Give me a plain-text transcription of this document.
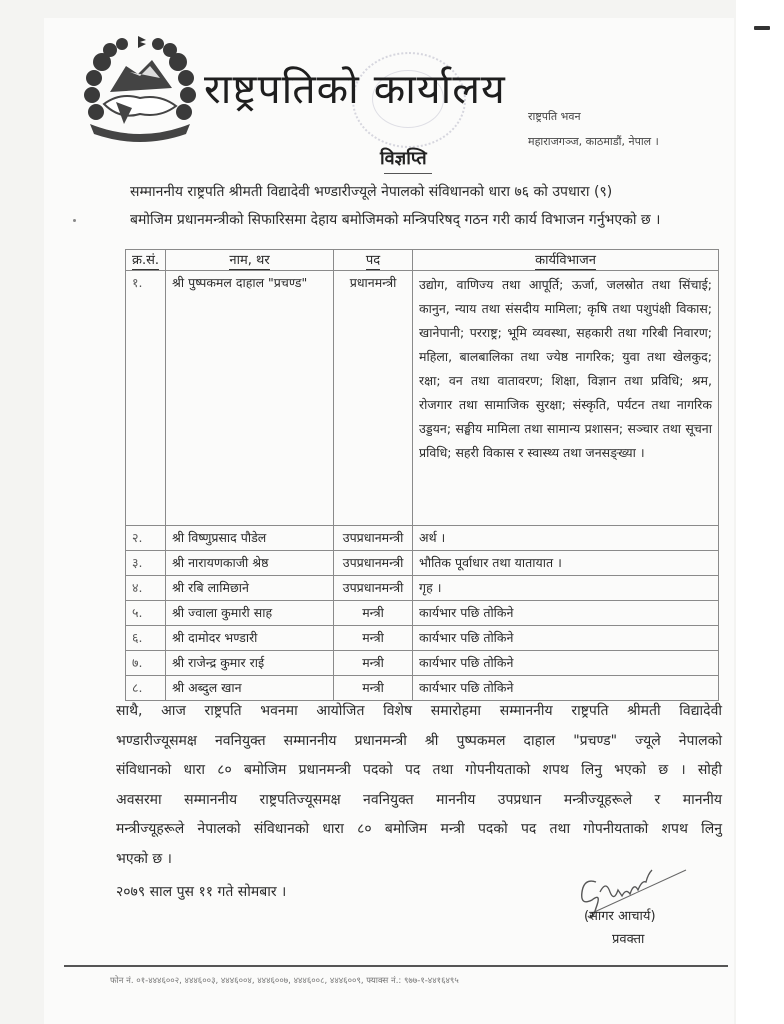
राष्ट्रपतिको कार्यालय
राष्ट्रपति भवन
महाराजगञ्ज, काठमाडौं, नेपाल ।
विज्ञप्ति
सम्माननीय राष्ट्रपति श्रीमती विद्यादेवी भण्डारीज्यूले नेपालको संविधानको धारा ७६ को उपधारा (९)
बमोजिम प्रधानमन्त्रीको सिफारिसमा देहाय बमोजिमको मन्त्रिपरिषद् गठन गरी कार्य विभाजन गर्नुभएको छ ।
क्र.सं.	नाम, थर	पद	कार्यविभाजन
१.	श्री पुष्पकमल दाहाल "प्रचण्ड"	प्रधानमन्त्री	उद्योग, वाणिज्य तथा आपूर्ति; ऊर्जा, जलस्रोत तथा सिंचाई; कानुन, न्याय तथा संसदीय मामिला; कृषि तथा पशुपंक्षी विकास; खानेपानी; परराष्ट्र; भूमि व्यवस्था, सहकारी तथा गरिबी निवारण; महिला, बालबालिका तथा ज्येष्ठ नागरिक; युवा तथा खेलकुद; रक्षा; वन तथा वातावरण; शिक्षा, विज्ञान तथा प्रविधि; श्रम, रोजगार तथा सामाजिक सुरक्षा; संस्कृति, पर्यटन तथा नागरिक उड्डयन; सङ्घीय मामिला तथा सामान्य प्रशासन; सञ्चार तथा सूचना प्रविधि; सहरी विकास र स्वास्थ्य तथा जनसङ्ख्या ।
२.	श्री विष्णुप्रसाद पौडेल	उपप्रधानमन्त्री	अर्थ ।
३.	श्री नारायणकाजी श्रेष्ठ	उपप्रधानमन्त्री	भौतिक पूर्वाधार तथा यातायात ।
४.	श्री रबि लामिछाने	उपप्रधानमन्त्री	गृह ।
५.	श्री ज्वाला कुमारी साह	मन्त्री	कार्यभार पछि तोकिने
६.	श्री दामोदर भण्डारी	मन्त्री	कार्यभार पछि तोकिने
७.	श्री राजेन्द्र कुमार राई	मन्त्री	कार्यभार पछि तोकिने
८.	श्री अब्दुल खान	मन्त्री	कार्यभार पछि तोकिने
साथै, आज राष्ट्रपति भवनमा आयोजित विशेष समारोहमा सम्माननीय राष्ट्रपति श्रीमती विद्यादेवी
भण्डारीज्यूसमक्ष नवनियुक्त सम्माननीय प्रधानमन्त्री श्री पुष्पकमल दाहाल "प्रचण्ड" ज्यूले नेपालको
संविधानको धारा ८० बमोजिम प्रधानमन्त्री पदको पद तथा गोपनीयताको शपथ लिनु भएको छ । सोही
अवसरमा सम्माननीय राष्ट्रपतिज्यूसमक्ष नवनियुक्त माननीय उपप्रधान मन्त्रीज्यूहरूले र माननीय
मन्त्रीज्यूहरूले नेपालको संविधानको धारा ८० बमोजिम मन्त्री पदको पद तथा गोपनीयताको शपथ लिनु
भएको छ ।
२०७९ साल पुस ११ गते सोमबार ।
(सागर आचार्य)
प्रवक्ता
फोन नं. ०१-४४४६००२, ४४४६००३, ४४४६००४, ४४४६००७, ४४४६००८, ४४४६००९, फ्याक्स नं.: ९७७-१-४४१६४९५
